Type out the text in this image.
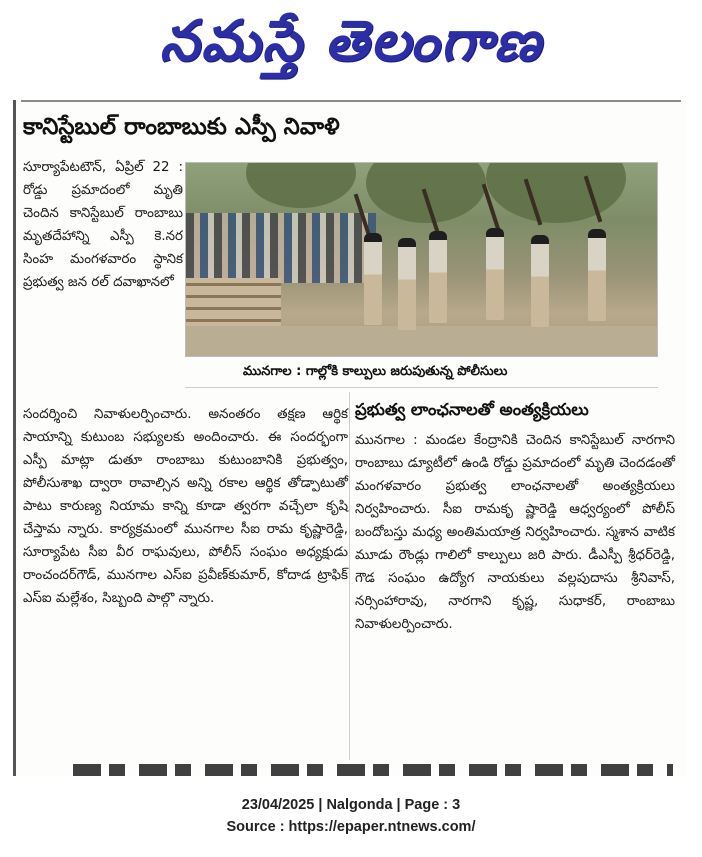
నమస్తే తెలంగాణ
కానిస్టేబుల్ రాంబాబుకు ఎస్పీ నివాళి
సూర్యాపేటటౌన్, ఏప్రిల్ 22 : రోడ్డు ప్రమాదంలో మృతి చెందిన కానిస్టేబుల్ రాంబాబు మృతదేహాన్ని ఎస్పీ కె.నర సింహ మంగళవారం స్థానిక ప్రభుత్వ జన రల్ దవాఖానలో
మునగాల : గాల్లోకి కాల్పులు జరుపుతున్న పోలీసులు
సందర్శించి నివాళులర్పించారు. అనంతరం తక్షణ ఆర్థిక సాయాన్ని కుటుంబ సభ్యులకు అందించారు. ఈ సందర్భంగా ఎస్పీ మాట్లా డుతూ రాంబాబు కుటుంబానికి ప్రభుత్వం, పోలీసుశాఖ ద్వారా రావాల్సిన అన్ని రకాల ఆర్థిక తోడ్పాటుతో పాటు కారుణ్య నియామ కాన్ని కూడా త్వరగా వచ్చేలా కృషి చేస్తామ న్నారు. కార్యక్రమంలో మునగాల సీఐ రామ కృష్ణారెడ్డి, సూర్యాపేట సీఐ వీర రాఘవులు, పోలీస్ సంఘం అధ్యక్షుడు రాంచందర్‌గౌడ్, మునగాల ఎస్ఐ ప్రవీణ్‌కుమార్, కోదాడ ట్రాఫిక్ ఎస్ఐ మల్లేశం, సిబ్బంది పాల్గొ న్నారు.
ప్రభుత్వ లాంఛనాలతో అంత్యక్రియలు
మునగాల : మండల కేంద్రానికి చెందిన కానిస్టేబుల్ నారగాని రాంబాబు డ్యూటీలో ఉండి రోడ్డు ప్రమాదంలో మృతి చెందడంతో మంగళవారం ప్రభుత్వ లాంఛనాలతో అంత్యక్రియలు నిర్వహించారు. సీఐ రామకృ ష్ణారెడ్డి ఆధ్వర్యంలో పోలీస్ బందోబస్తు మధ్య అంతిమయాత్ర నిర్వహించారు. స్మశాన వాటిక మూడు రౌండ్లు గాలిలో కాల్పులు జరి పారు. డీఎస్పీ శ్రీధర్‌రెడ్డి, గౌడ సంఘం ఉద్యోగ నాయకులు వల్లపుదాసు శ్రీనివాస్, నర్సింహారావు, నారగాని కృష్ణ, సుధాకర్, రాంబాబు నివాళులర్పించారు.
23/04/2025 | Nalgonda | Page : 3
Source : https://epaper.ntnews.com/
